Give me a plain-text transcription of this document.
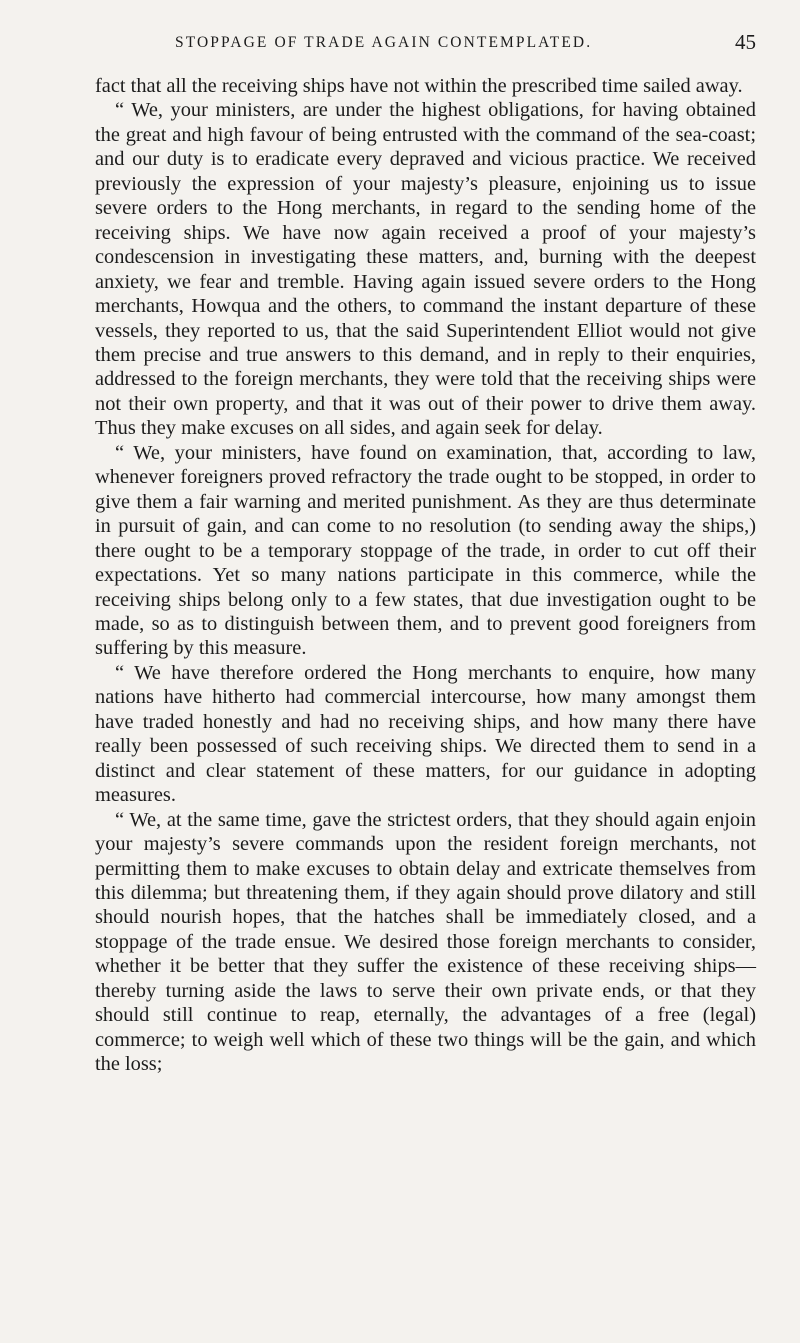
STOPPAGE OF TRADE AGAIN CONTEMPLATED.	45

fact that all the receiving ships have not within the prescribed time sailed away.

“ We, your ministers, are under the highest obligations, for having obtained the great and high favour of being entrusted with the command of the sea-coast; and our duty is to eradicate every depraved and vicious practice. We received previously the expression of your majesty’s pleasure, enjoining us to issue severe orders to the Hong merchants, in regard to the sending home of the receiving ships. We have now again received a proof of your majesty’s condescension in investigating these matters, and, burning with the deepest anxiety, we fear and tremble. Having again issued severe orders to the Hong merchants, Howqua and the others, to command the instant departure of these vessels, they reported to us, that the said Superintendent Elliot would not give them precise and true answers to this demand, and in reply to their enquiries, addressed to the foreign merchants, they were told that the receiving ships were not their own property, and that it was out of their power to drive them away. Thus they make excuses on all sides, and again seek for delay.

“ We, your ministers, have found on examination, that, according to law, whenever foreigners proved refractory the trade ought to be stopped, in order to give them a fair warning and merited punishment. As they are thus determinate in pursuit of gain, and can come to no resolution (to sending away the ships,) there ought to be a temporary stoppage of the trade, in order to cut off their expectations. Yet so many nations participate in this commerce, while the receiving ships belong only to a few states, that due investigation ought to be made, so as to distinguish between them, and to prevent good foreigners from suffering by this measure.

“ We have therefore ordered the Hong merchants to enquire, how many nations have hitherto had commercial intercourse, how many amongst them have traded honestly and had no receiving ships, and how many there have really been possessed of such receiving ships. We directed them to send in a distinct and clear statement of these matters, for our guidance in adopting measures.

“ We, at the same time, gave the strictest orders, that they should again enjoin your majesty’s severe commands upon the resident foreign merchants, not permitting them to make excuses to obtain delay and extricate themselves from this dilemma; but threatening them, if they again should prove dilatory and still should nourish hopes, that the hatches shall be immediately closed, and a stoppage of the trade ensue. We desired those foreign merchants to consider, whether it be better that they suffer the existence of these receiving ships—thereby turning aside the laws to serve their own private ends, or that they should still continue to reap, eternally, the advantages of a free (legal) commerce; to weigh well which of these two things will be the gain, and which the loss;
